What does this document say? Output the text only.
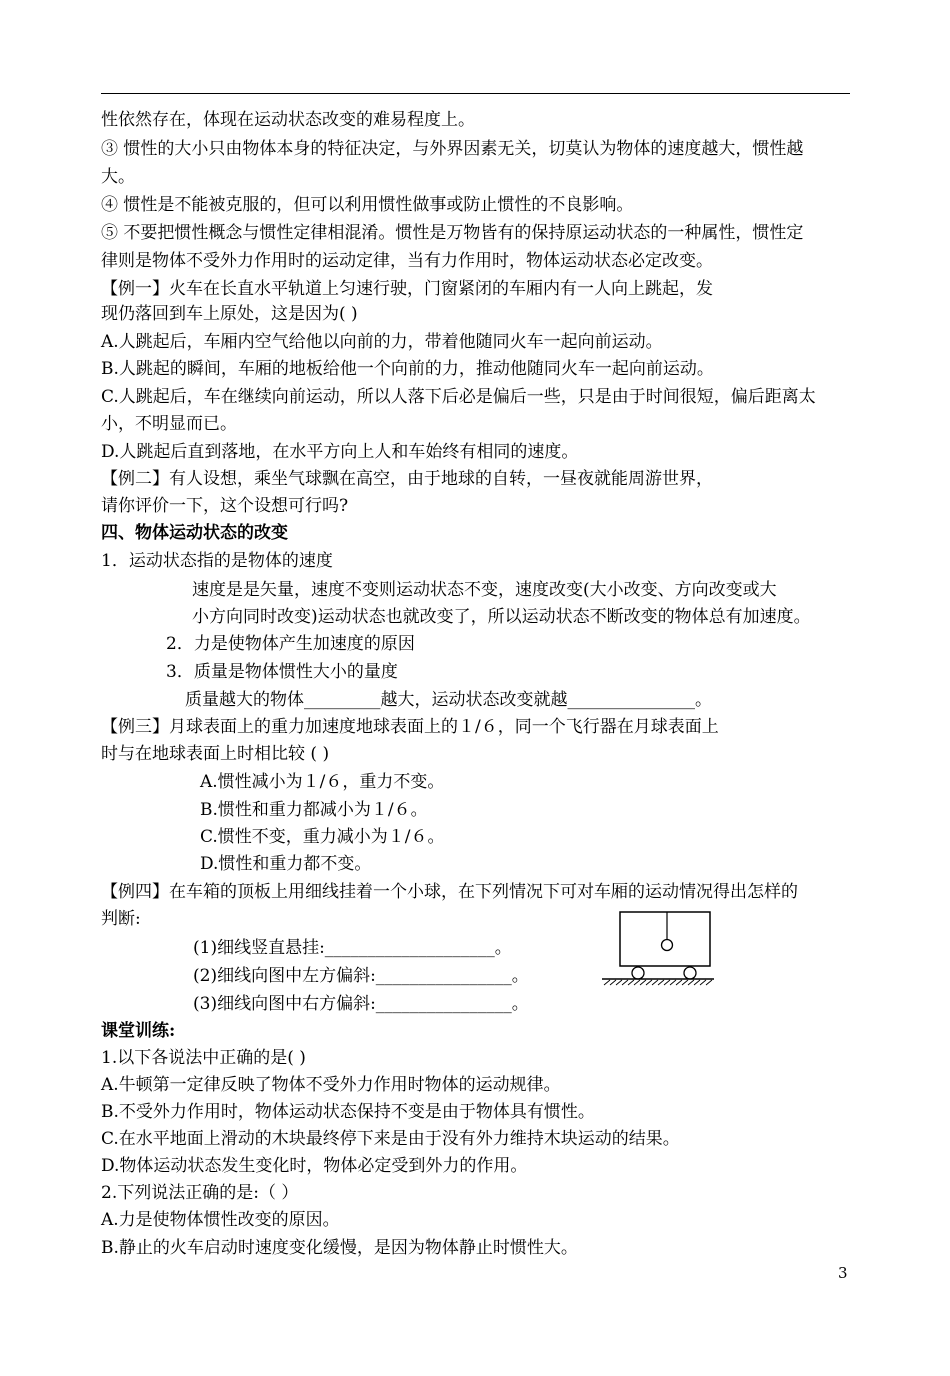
性依然存在，体现在运动状态改变的难易程度上。
③ 惯性的大小只由物体本身的特征决定，与外界因素无关，切莫认为物体的速度越大，惯性越
大。
④ 惯性是不能被克服的，但可以利用惯性做事或防止惯性的不良影响。
⑤ 不要把惯性概念与惯性定律相混淆。惯性是万物皆有的保持原运动状态的一种属性，惯性定
律则是物体不受外力作用时的运动定律，当有力作用时，物体运动状态必定改变。
【例一】火车在长直水平轨道上匀速行驶，门窗紧闭的车厢内有一人向上跳起，发
现仍落回到车上原处，这是因为( )
A.人跳起后，车厢内空气给他以向前的力，带着他随同火车一起向前运动。
B.人跳起的瞬间，车厢的地板给他一个向前的力，推动他随同火车一起向前运动。
C.人跳起后，车在继续向前运动，所以人落下后必是偏后一些，只是由于时间很短，偏后距离太
小，不明显而已。
D.人跳起后直到落地，在水平方向上人和车始终有相同的速度。
【例二】有人设想，乘坐气球飘在高空，由于地球的自转，一昼夜就能周游世界，
请你评价一下，这个设想可行吗?
四、物体运动状态的改变
1．运动状态指的是物体的速度
速度是是矢量，速度不变则运动状态不变，速度改变(大小改变、方向改变或大
小方向同时改变)运动状态也就改变了，所以运动状态不断改变的物体总有加速度。
2．力是使物体产生加速度的原因
3．质量是物体惯性大小的量度
质量越大的物体_________越大，运动状态改变就越_______________。
【例三】月球表面上的重力加速度地球表面上的１/６，同一个飞行器在月球表面上
时与在地球表面上时相比较 ( )
A.惯性减小为１/６，重力不变。
B.惯性和重力都减小为１/６。
C.惯性不变，重力减小为１/６。
D.惯性和重力都不变。
【例四】在车箱的顶板上用细线挂着一个小球，在下列情况下可对车厢的运动情况得出怎样的
判断:
(1)细线竖直悬挂:____________________。
(2)细线向图中左方偏斜:________________。
(3)细线向图中右方偏斜:________________。
课堂训练:
1.以下各说法中正确的是( )
A.牛顿第一定律反映了物体不受外力作用时物体的运动规律。
B.不受外力作用时，物体运动状态保持不变是由于物体具有惯性。
C.在水平地面上滑动的木块最终停下来是由于没有外力维持木块运动的结果。
D.物体运动状态发生变化时，物体必定受到外力的作用。
2.下列说法正确的是:（ ）
A.力是使物体惯性改变的原因。
B.静止的火车启动时速度变化缓慢，是因为物体静止时惯性大。
3
